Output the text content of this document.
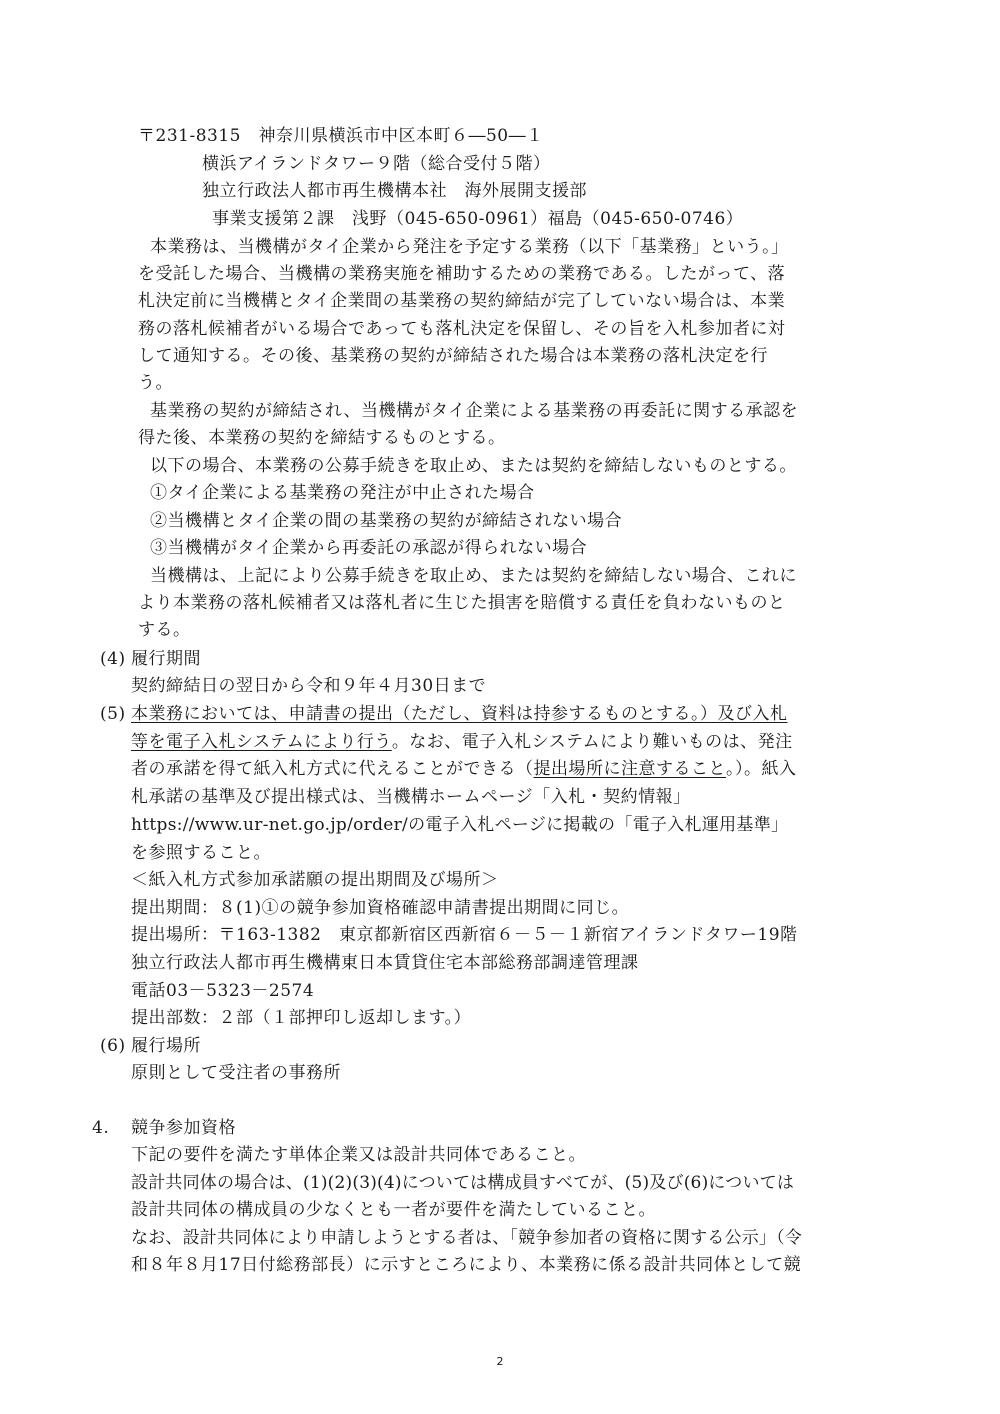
〒231-8315　神奈川県横浜市中区本町６―50―１

横浜アイランドタワー９階（総合受付５階）

独立行政法人都市再生機構本社　海外展開支援部

事業支援第２課　浅野（045-650-0961）福島（045-650-0746）

本業務は、当機構がタイ企業から発注を予定する業務（以下「基業務」という。」

を受託した場合、当機構の業務実施を補助するための業務である。したがって、落

札決定前に当機構とタイ企業間の基業務の契約締結が完了していない場合は、本業

務の落札候補者がいる場合であっても落札決定を保留し、その旨を入札参加者に対

して通知する。その後、基業務の契約が締結された場合は本業務の落札決定を行

う。

基業務の契約が締結され、当機構がタイ企業による基業務の再委託に関する承認を

得た後、本業務の契約を締結するものとする。

以下の場合、本業務の公募手続きを取止め、または契約を締結しないものとする。

①タイ企業による基業務の発注が中止された場合

②当機構とタイ企業の間の基業務の契約が締結されない場合

③当機構がタイ企業から再委託の承認が得られない場合

当機構は、上記により公募手続きを取止め、または契約を締結しない場合、これに

より本業務の落札候補者又は落札者に生じた損害を賠償する責任を負わないものと

する。

(4) 履行期間

契約締結日の翌日から令和９年４月30日まで

(5) 本業務においては、申請書の提出（ただし、資料は持参するものとする。）及び入札

等を電子入札システムにより行う。なお、電子入札システムにより難いものは、発注

者の承諾を得て紙入札方式に代えることができる（提出場所に注意すること。）。紙入

札承諾の基準及び提出様式は、当機構ホームページ「入札・契約情報」

https://www.ur-net.go.jp/order/の電子入札ページに掲載の「電子入札運用基準」

を参照すること。

＜紙入札方式参加承諾願の提出期間及び場所＞

提出期間：８(1)①の競争参加資格確認申請書提出期間に同じ。

提出場所：〒163-1382　東京都新宿区西新宿６－５－１新宿アイランドタワー19階

独立行政法人都市再生機構東日本賃貸住宅本部総務部調達管理課

電話03－5323－2574

提出部数：２部（１部押印し返却します。）

(6) 履行場所

原則として受注者の事務所

4. 競争参加資格

下記の要件を満たす単体企業又は設計共同体であること。

設計共同体の場合は、(1)(2)(3)(4)については構成員すべてが、(5)及び(6)については

設計共同体の構成員の少なくとも一者が要件を満たしていること。

なお、設計共同体により申請しようとする者は、「競争参加者の資格に関する公示」（令

和８年８月17日付総務部長）に示すところにより、本業務に係る設計共同体として競

2
